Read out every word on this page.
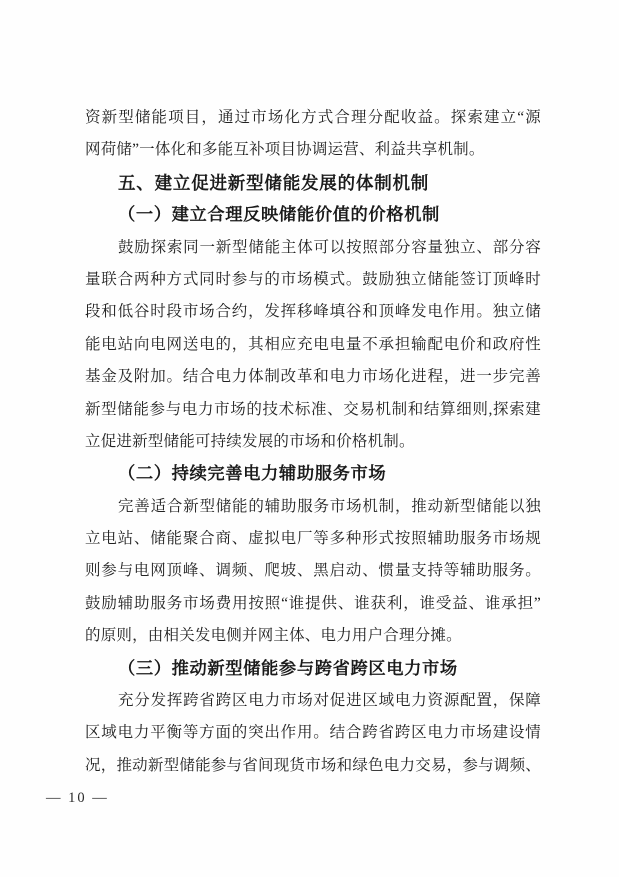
资新型储能项目，通过市场化方式合理分配收益。探索建立“源
网荷储”一体化和多能互补项目协调运营、利益共享机制。
五、建立促进新型储能发展的体制机制
（一）建立合理反映储能价值的价格机制
鼓励探索同一新型储能主体可以按照部分容量独立、部分容
量联合两种方式同时参与的市场模式。鼓励独立储能签订顶峰时
段和低谷时段市场合约，发挥移峰填谷和顶峰发电作用。独立储
能电站向电网送电的，其相应充电电量不承担输配电价和政府性
基金及附加。结合电力体制改革和电力市场化进程，进一步完善
新型储能参与电力市场的技术标准、交易机制和结算细则,探索建
立促进新型储能可持续发展的市场和价格机制。
（二）持续完善电力辅助服务市场
完善适合新型储能的辅助服务市场机制，推动新型储能以独
立电站、储能聚合商、虚拟电厂等多种形式按照辅助服务市场规
则参与电网顶峰、调频、爬坡、黑启动、惯量支持等辅助服务。
鼓励辅助服务市场费用按照“谁提供、谁获利，谁受益、谁承担”
的原则，由相关发电侧并网主体、电力用户合理分摊。
（三）推动新型储能参与跨省跨区电力市场
充分发挥跨省跨区电力市场对促进区域电力资源配置，保障
区域电力平衡等方面的突出作用。结合跨省跨区电力市场建设情
况，推动新型储能参与省间现货市场和绿色电力交易，参与调频、
— 10 —
